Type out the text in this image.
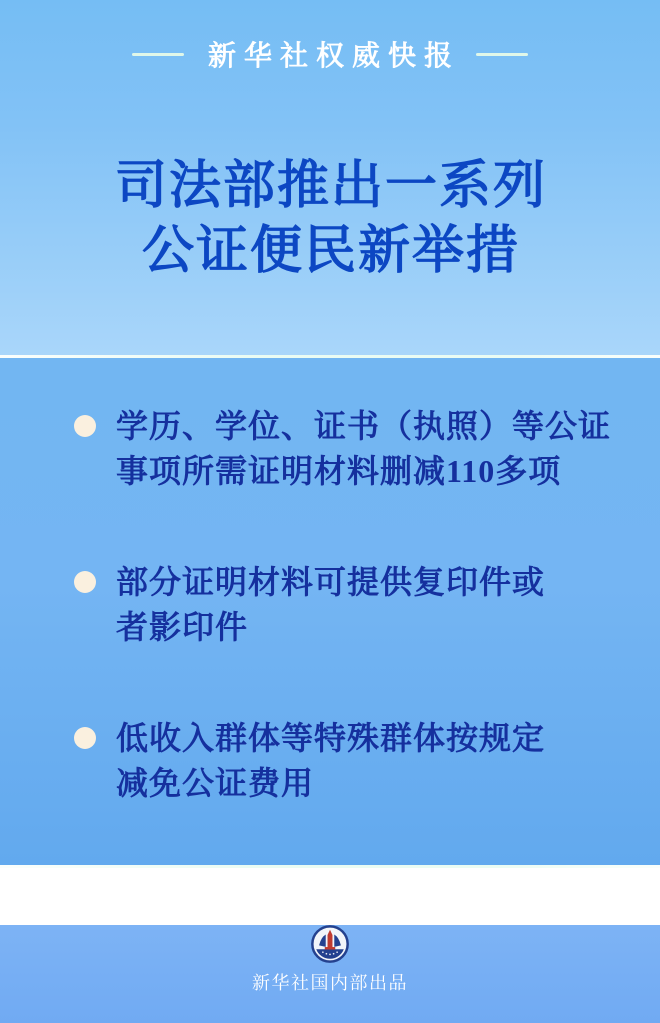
新华社权威快报
司法部推出一系列
公证便民新举措
学历、学位、证书（执照）等公证
事项所需证明材料删减110多项
部分证明材料可提供复印件或
者影印件
低收入群体等特殊群体按规定
减免公证费用
新华社国内部出品
